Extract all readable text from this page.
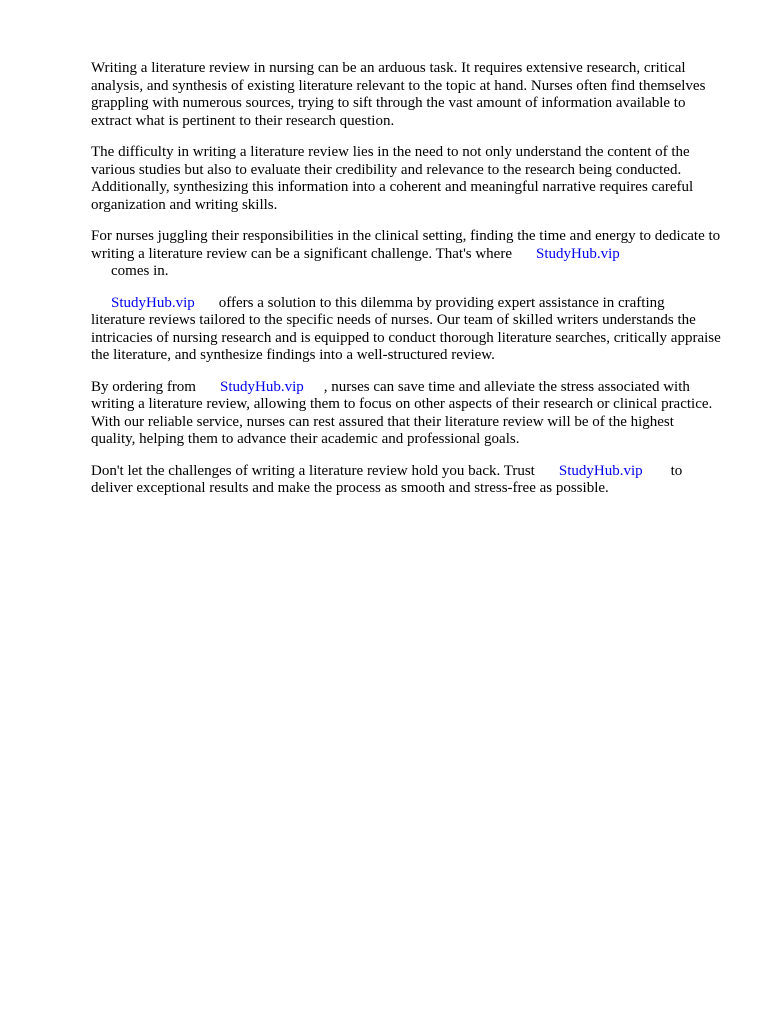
Writing a literature review in nursing can be an arduous task. It requires extensive research, critical analysis, and synthesis of existing literature relevant to the topic at hand. Nurses often find themselves grappling with numerous sources, trying to sift through the vast amount of information available to extract what is pertinent to their research question.

The difficulty in writing a literature review lies in the need to not only understand the content of the various studies but also to evaluate their credibility and relevance to the research being conducted. Additionally, synthesizing this information into a coherent and meaningful narrative requires careful organization and writing skills.

For nurses juggling their responsibilities in the clinical setting, finding the time and energy to dedicate to writing a literature review can be a significant challenge. That's where StudyHub.vip
comes in.

StudyHub.vip offers a solution to this dilemma by providing expert assistance in crafting literature reviews tailored to the specific needs of nurses. Our team of skilled writers understands the intricacies of nursing research and is equipped to conduct thorough literature searches, critically appraise the literature, and synthesize findings into a well-structured review.

By ordering from StudyHub.vip , nurses can save time and alleviate the stress associated with writing a literature review, allowing them to focus on other aspects of their research or clinical practice. With our reliable service, nurses can rest assured that their literature review will be of the highest quality, helping them to advance their academic and professional goals.

Don't let the challenges of writing a literature review hold you back. Trust StudyHub.vip to deliver exceptional results and make the process as smooth and stress-free as possible.
